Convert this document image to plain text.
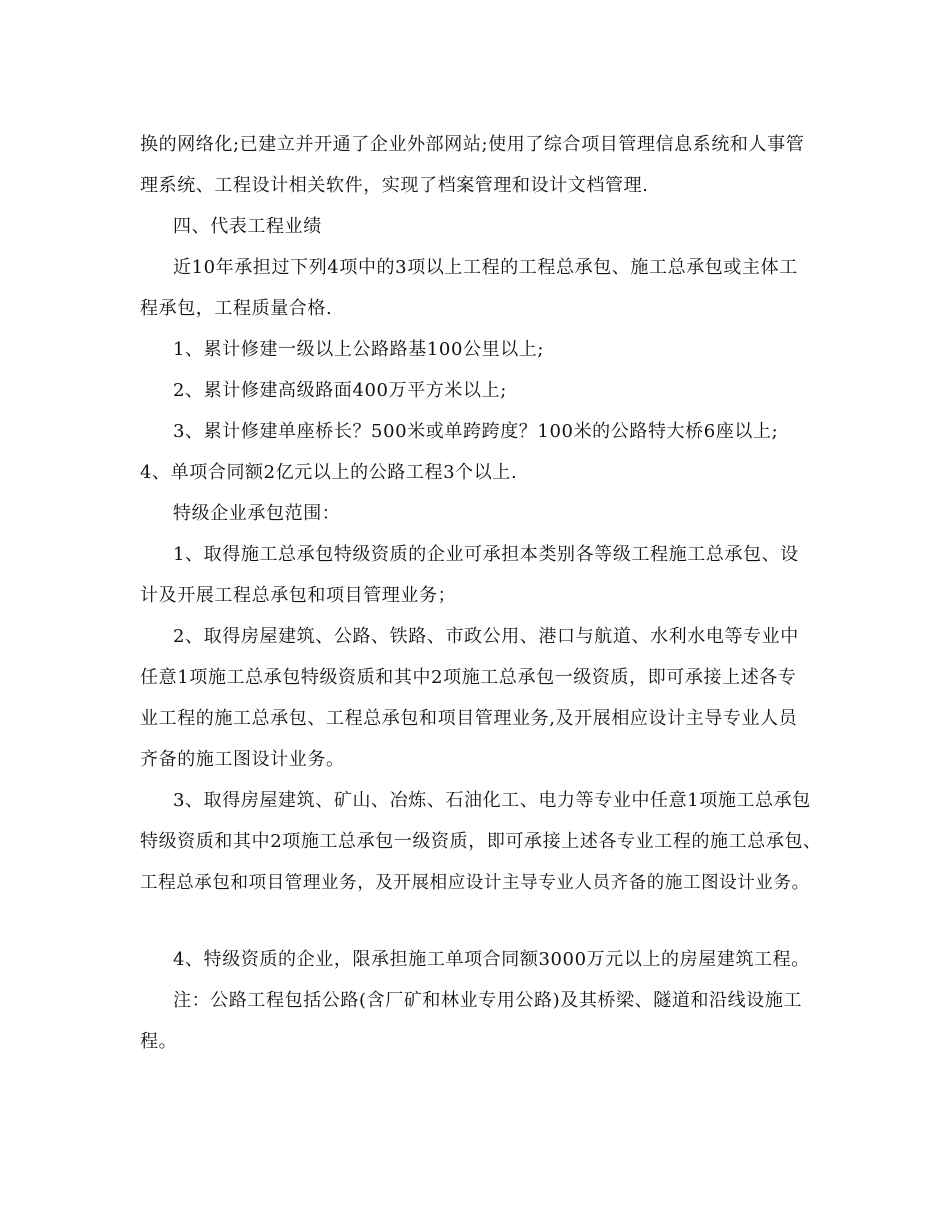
换的网络化;已建立并开通了企业外部网站;使用了综合项目管理信息系统和人事管
理系统、工程设计相关软件，实现了档案管理和设计文档管理.
四、代表工程业绩
近10年承担过下列4项中的3项以上工程的工程总承包、施工总承包或主体工
程承包，工程质量合格.
1、累计修建一级以上公路路基100公里以上;
2、累计修建高级路面400万平方米以上;
3、累计修建单座桥长？500米或单跨跨度？100米的公路特大桥6座以上;
4、单项合同额2亿元以上的公路工程3个以上.
特级企业承包范围：
1、取得施工总承包特级资质的企业可承担本类别各等级工程施工总承包、设
计及开展工程总承包和项目管理业务；
2、取得房屋建筑、公路、铁路、市政公用、港口与航道、水利水电等专业中
任意1项施工总承包特级资质和其中2项施工总承包一级资质，即可承接上述各专
业工程的施工总承包、工程总承包和项目管理业务,及开展相应设计主导专业人员
齐备的施工图设计业务。
3、取得房屋建筑、矿山、冶炼、石油化工、电力等专业中任意1项施工总承包
特级资质和其中2项施工总承包一级资质，即可承接上述各专业工程的施工总承包、
工程总承包和项目管理业务，及开展相应设计主导专业人员齐备的施工图设计业务。
4、特级资质的企业，限承担施工单项合同额3000万元以上的房屋建筑工程。
注：公路工程包括公路(含厂矿和林业专用公路)及其桥梁、隧道和沿线设施工
程。
